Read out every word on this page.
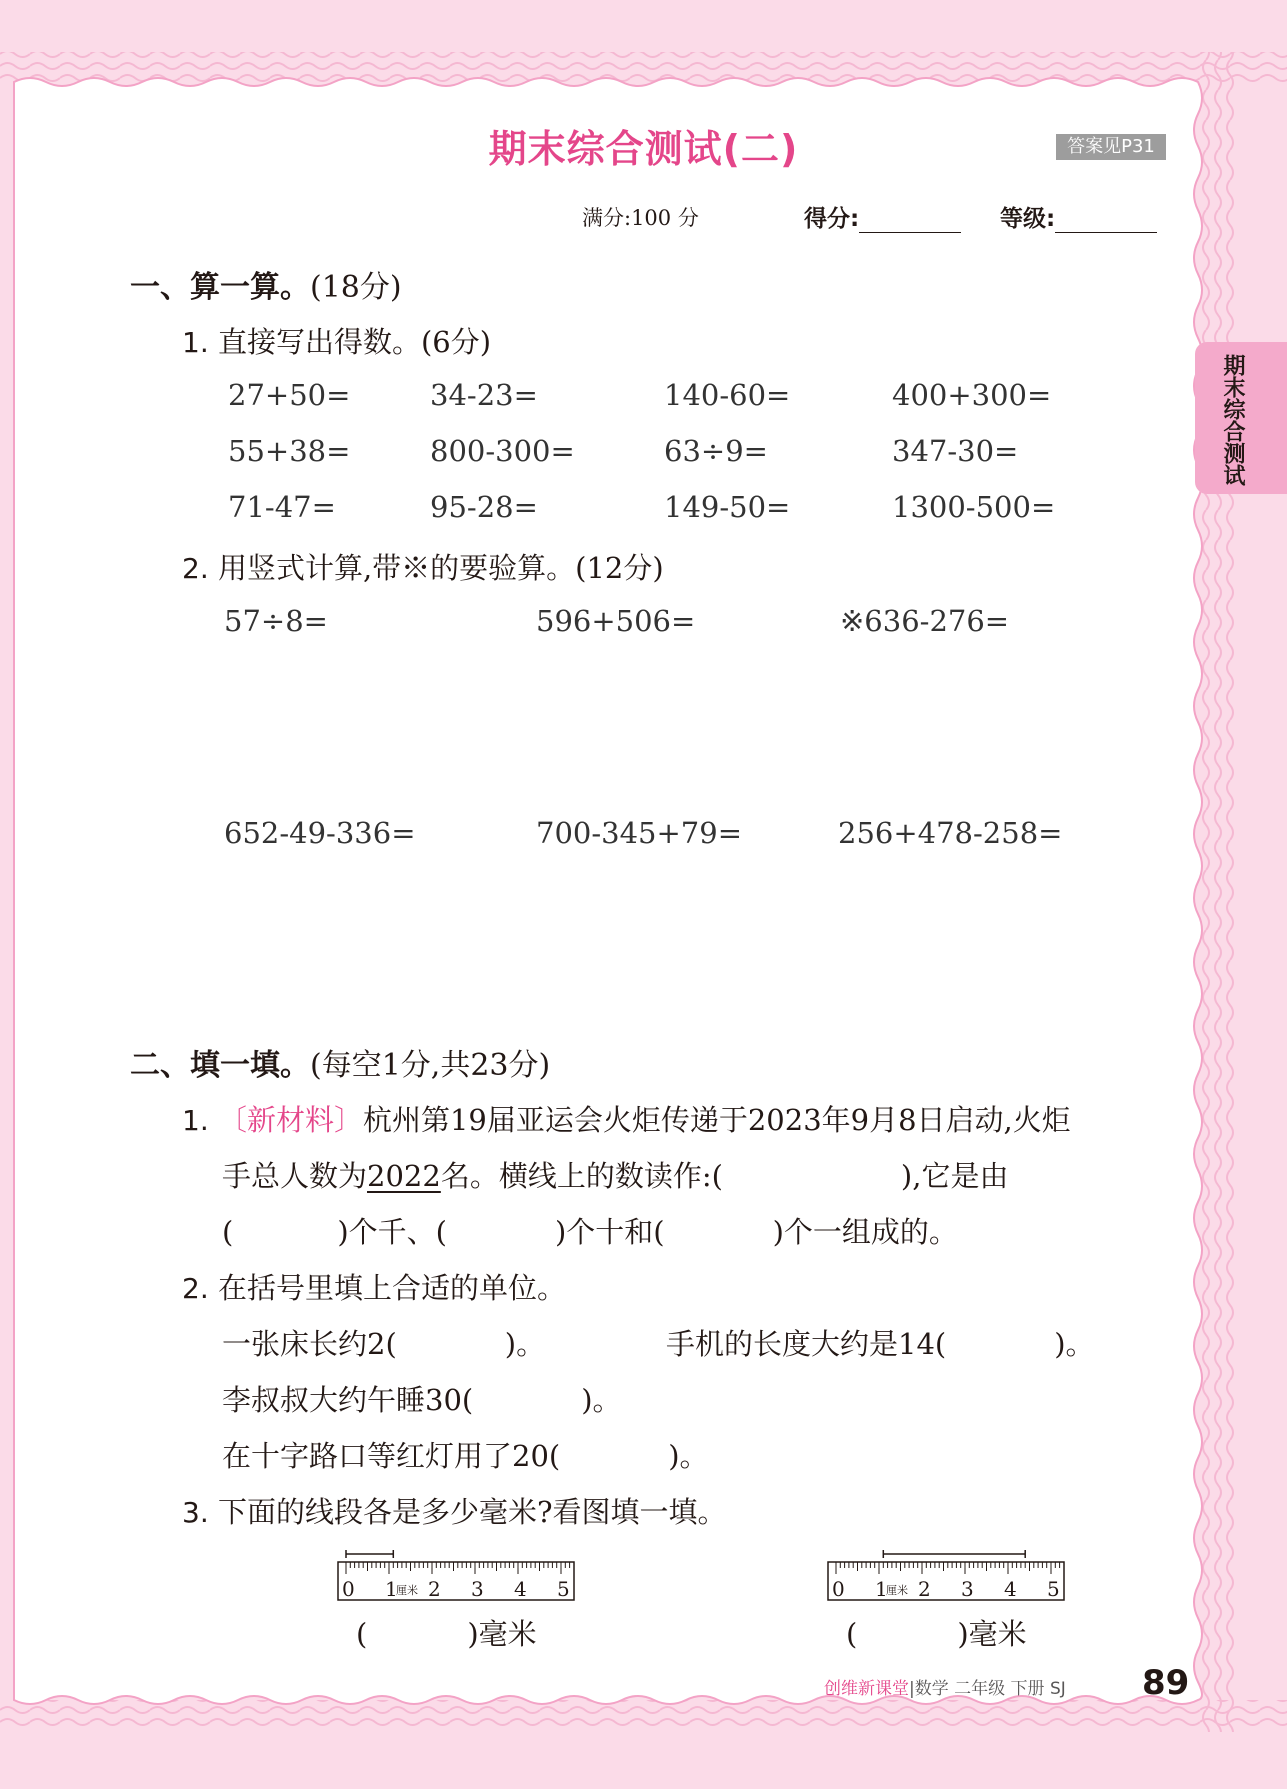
期末综合测试
期末综合测试(二)	答案见P31
满分:100 分	得分:	等级:
一、算一算。(18分)
1. 直接写出得数。(6分)
27+50=	34-23=	140-60=	400+300=
55+38=	800-300=	63÷9=	347-30=
71-47=	95-28=	149-50=	1300-500=
2. 用竖式计算,带※的要验算。(12分)
57÷8=	596+506=	※636-276=
652-49-336=	700-345+79=	256+478-258=
二、填一填。(每空1分,共23分)
1. 〔新材料〕杭州第19届亚运会火炬传递于2023年9月8日启动,火炬
手总人数为2022名。横线上的数读作:(	),它是由
(	)个千、(	)个十和(	)个一组成的。
2. 在括号里填上合适的单位。
一张床长约2(	)。	手机的长度大约是14(	)。
李叔叔大约午睡30(	)。
在十字路口等红灯用了20(	)。
3. 下面的线段各是多少毫米?看图填一填。
0 1 2 3 4 5
厘米	0 1 2 3 4 5
厘米
(	)毫米	(	)毫米
创维新课堂|数学 二年级 下册 SJ 89
